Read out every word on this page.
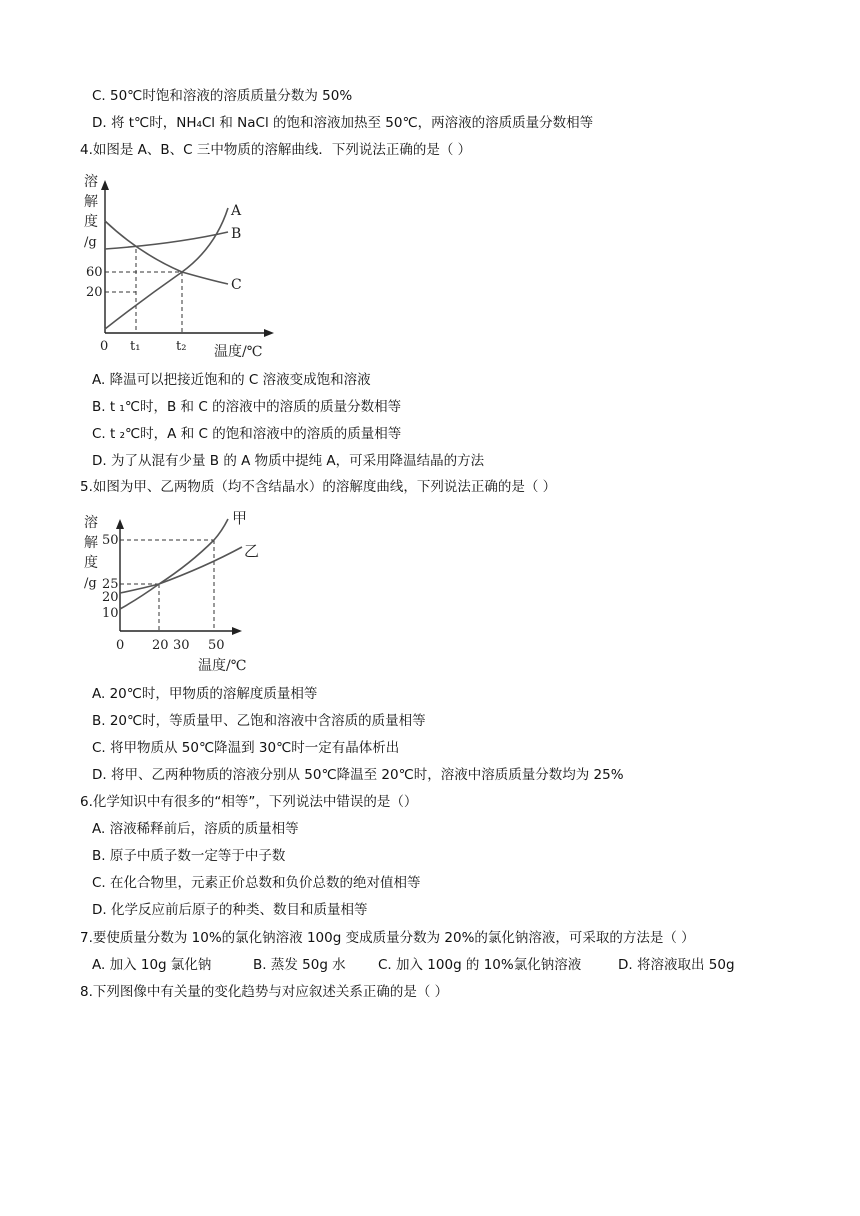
C. 50℃时饱和溶液的溶质质量分数为 50%
D. 将 t℃时，NH₄Cl 和 NaCl 的饱和溶液加热至 50℃，两溶液的溶质质量分数相等
4.如图是 A、B、C 三中物质的溶解曲线．下列说法正确的是（ ）
溶
解
度
/g
A
B
C
60
20
0 t₁	t₂ 温度/℃
A. 降温可以把接近饱和的 C 溶液变成饱和溶液
B. t ₁℃时，B 和 C 的溶液中的溶质的质量分数相等
C. t ₂℃时，A 和 C 的饱和溶液中的溶质的质量相等
D. 为了从混有少量 B 的 A 物质中提纯 A，可采用降温结晶的方法
5.如图为甲、乙两物质（均不含结晶水）的溶解度曲线，下列说法正确的是（ ）
溶
解
度
/g
甲
乙
50
25
20
10
0 20 30 50
温度/℃
A. 20℃时，甲物质的溶解度质量相等
B. 20℃时，等质量甲、乙饱和溶液中含溶质的质量相等
C. 将甲物质从 50℃降温到 30℃时一定有晶体析出
D. 将甲、乙两种物质的溶液分别从 50℃降温至 20℃时，溶液中溶质质量分数均为 25%
6.化学知识中有很多的“相等”，下列说法中错误的是（）
A. 溶液稀释前后，溶质的质量相等
B. 原子中质子数一定等于中子数
C. 在化合物里，元素正价总数和负价总数的绝对值相等
D. 化学反应前后原子的种类、数目和质量相等
7.要使质量分数为 10%的氯化钠溶液 100g 变成质量分数为 20%的氯化钠溶液，可采取的方法是（ ）
A. 加入 10g 氯化钠	B. 蒸发 50g 水 C. 加入 100g 的 10%氯化钠溶液	D. 将溶液取出 50g
8.下列图像中有关量的变化趋势与对应叙述关系正确的是（ ）
